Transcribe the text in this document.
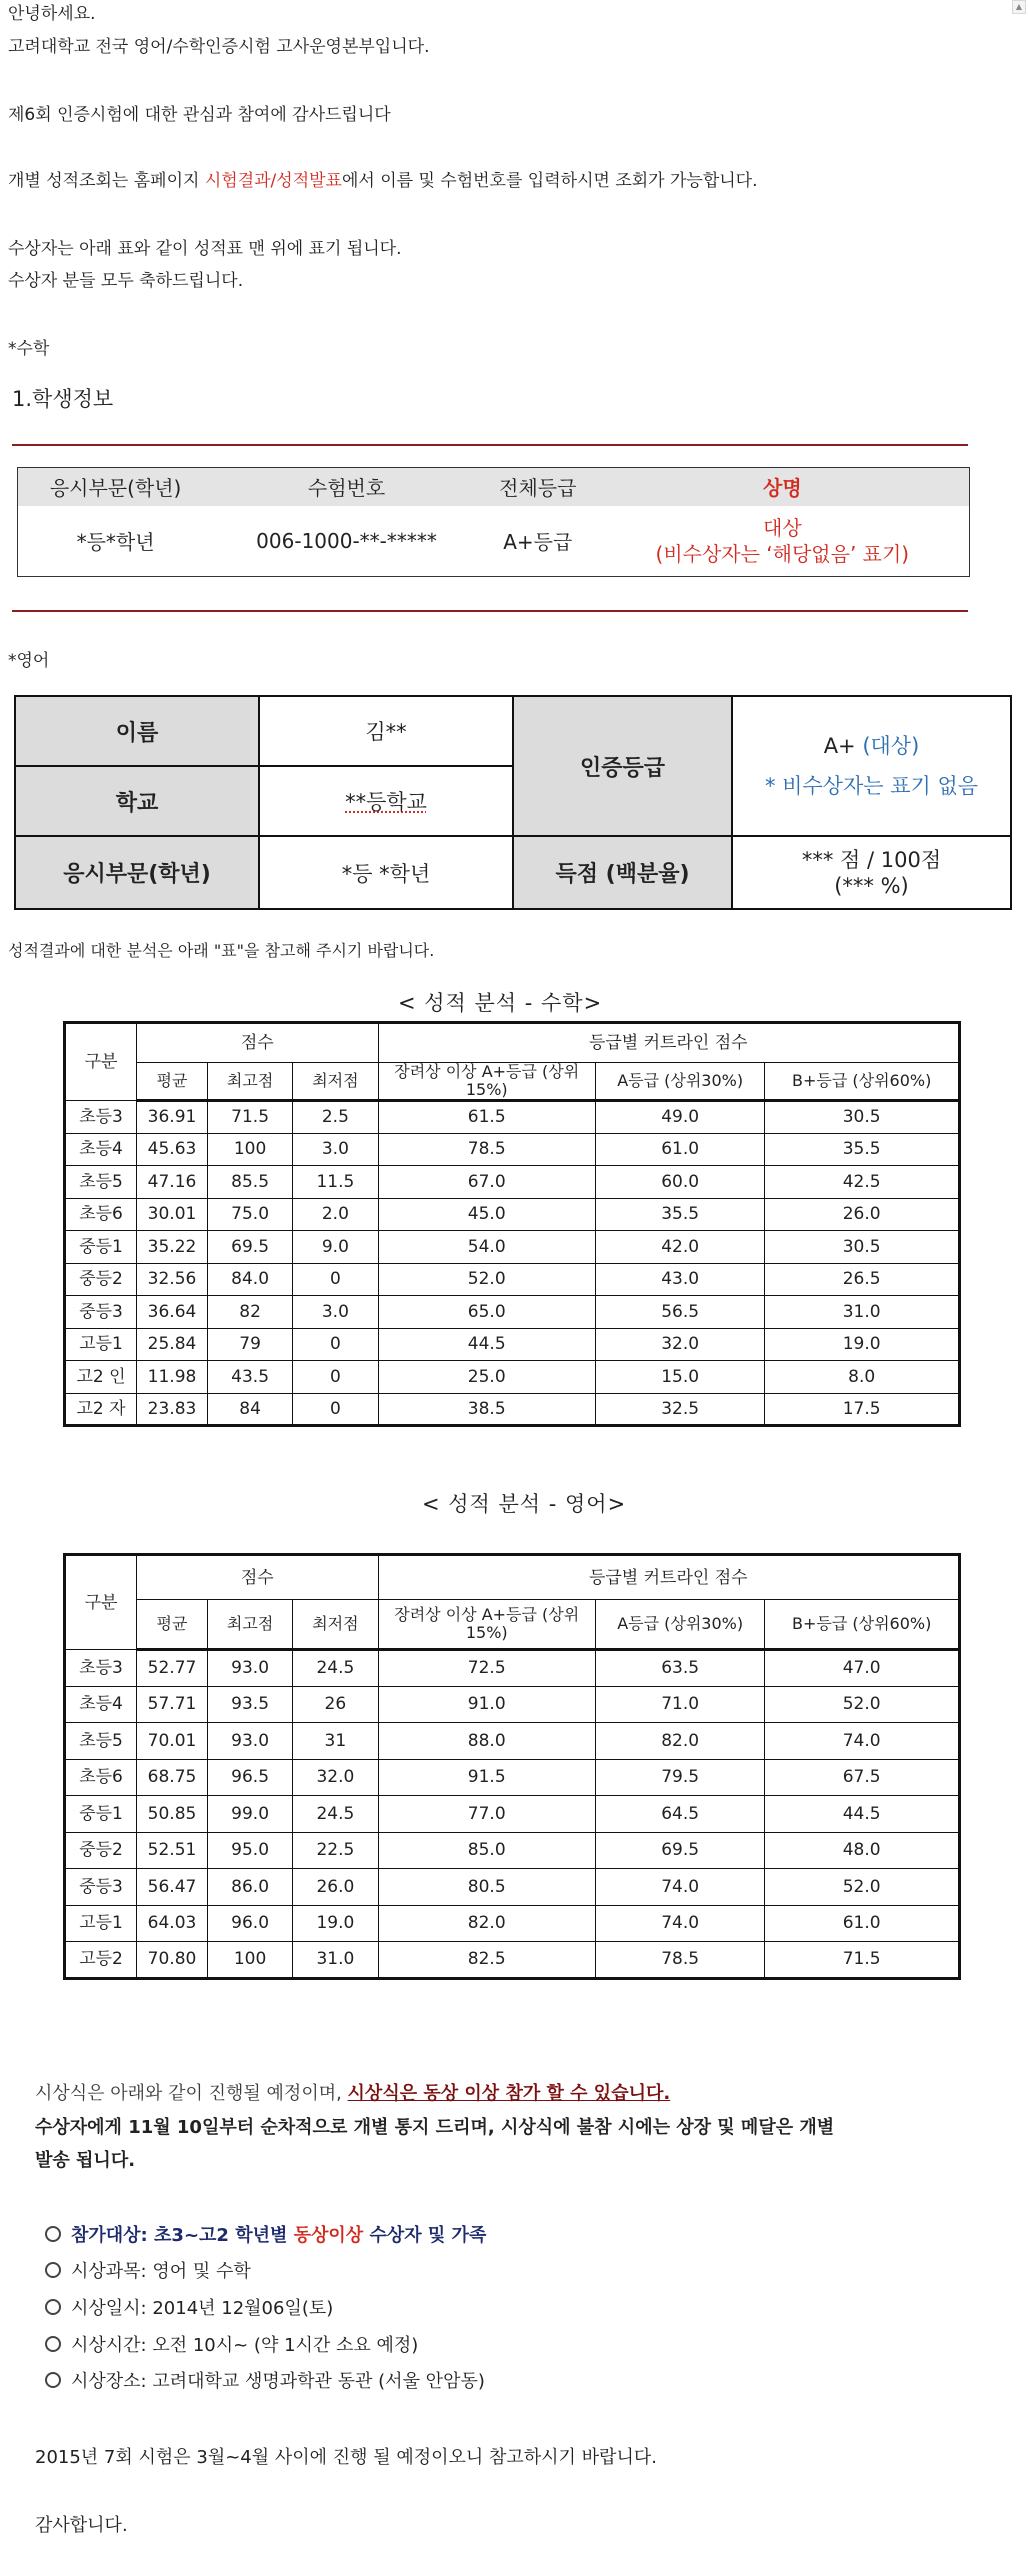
▲
안녕하세요.
고려대학교 전국 영어/수학인증시험 고사운영본부입니다.
제6회 인증시험에 대한 관심과 참여에 감사드립니다
개별 성적조회는 홈페이지 시험결과/성적발표에서 이름 및 수험번호를 입력하시면 조회가 가능합니다.
수상자는 아래 표와 같이 성적표 맨 위에 표기 됩니다.
수상자 분들 모두 축하드립니다.
*수학
1.학생정보
응시부문(학년)	수험번호	전체등급	상명
*등*학년	006-1000-**-*****	A+등급	대상
(비수상자는 ‘해당없음’ 표기)
*영어
이름	김**	인증등급	A+ (대상)
* 비수상자는 표기 없음

학교	**등학교		
응시부문(학년)	*등 *학년	득점 (백분율)	*** 점 / 100점
(*** %)
성적결과에 대한 분석은 아래 "표"을 참고해 주시기 바랍니다.
< 성적 분석 - 수학>
구분	점수			등급별 커트라인 점수		
	평균	최고점	최저점	장려상 이상 A+등급 (상위15%)	A등급 (상위30%)	B+등급 (상위60%)
초등3	36.91	71.5	2.5	61.5	49.0	30.5
초등4	45.63	100	3.0	78.5	61.0	35.5
초등5	47.16	85.5	11.5	67.0	60.0	42.5
초등6	30.01	75.0	2.0	45.0	35.5	26.0
중등1	35.22	69.5	9.0	54.0	42.0	30.5
중등2	32.56	84.0	0	52.0	43.0	26.5
중등3	36.64	82	3.0	65.0	56.5	31.0
고등1	25.84	79	0	44.5	32.0	19.0
고2 인	11.98	43.5	0	25.0	15.0	8.0
고2 자	23.83	84	0	38.5	32.5	17.5
< 성적 분석 - 영어>
구분	점수			등급별 커트라인 점수		
	평균	최고점	최저점	장려상 이상 A+등급 (상위15%)	A등급 (상위30%)	B+등급 (상위60%)
초등3	52.77	93.0	24.5	72.5	63.5	47.0
초등4	57.71	93.5	26	91.0	71.0	52.0
초등5	70.01	93.0	31	88.0	82.0	74.0
초등6	68.75	96.5	32.0	91.5	79.5	67.5
중등1	50.85	99.0	24.5	77.0	64.5	44.5
중등2	52.51	95.0	22.5	85.0	69.5	48.0
중등3	56.47	86.0	26.0	80.5	74.0	52.0
고등1	64.03	96.0	19.0	82.0	74.0	61.0
고등2	70.80	100	31.0	82.5	78.5	71.5
시상식은 아래와 같이 진행될 예정이며, 시상식은 동상 이상 참가 할 수 있습니다.
수상자에게 11월 10일부터 순차적으로 개별 통지 드리며, 시상식에 불참 시에는 상장 및 메달은 개별
발송 됩니다.
참가대상: 초3~고2 학년별 동상이상 수상자 및 가족
시상과목: 영어 및 수학
시상일시: 2014년 12월06일(토)
시상시간: 오전 10시~ (약 1시간 소요 예정)
시상장소: 고려대학교 생명과학관 동관 (서울 안암동)
2015년 7회 시험은 3월~4월 사이에 진행 될 예정이오니 참고하시기 바랍니다.
감사합니다.
